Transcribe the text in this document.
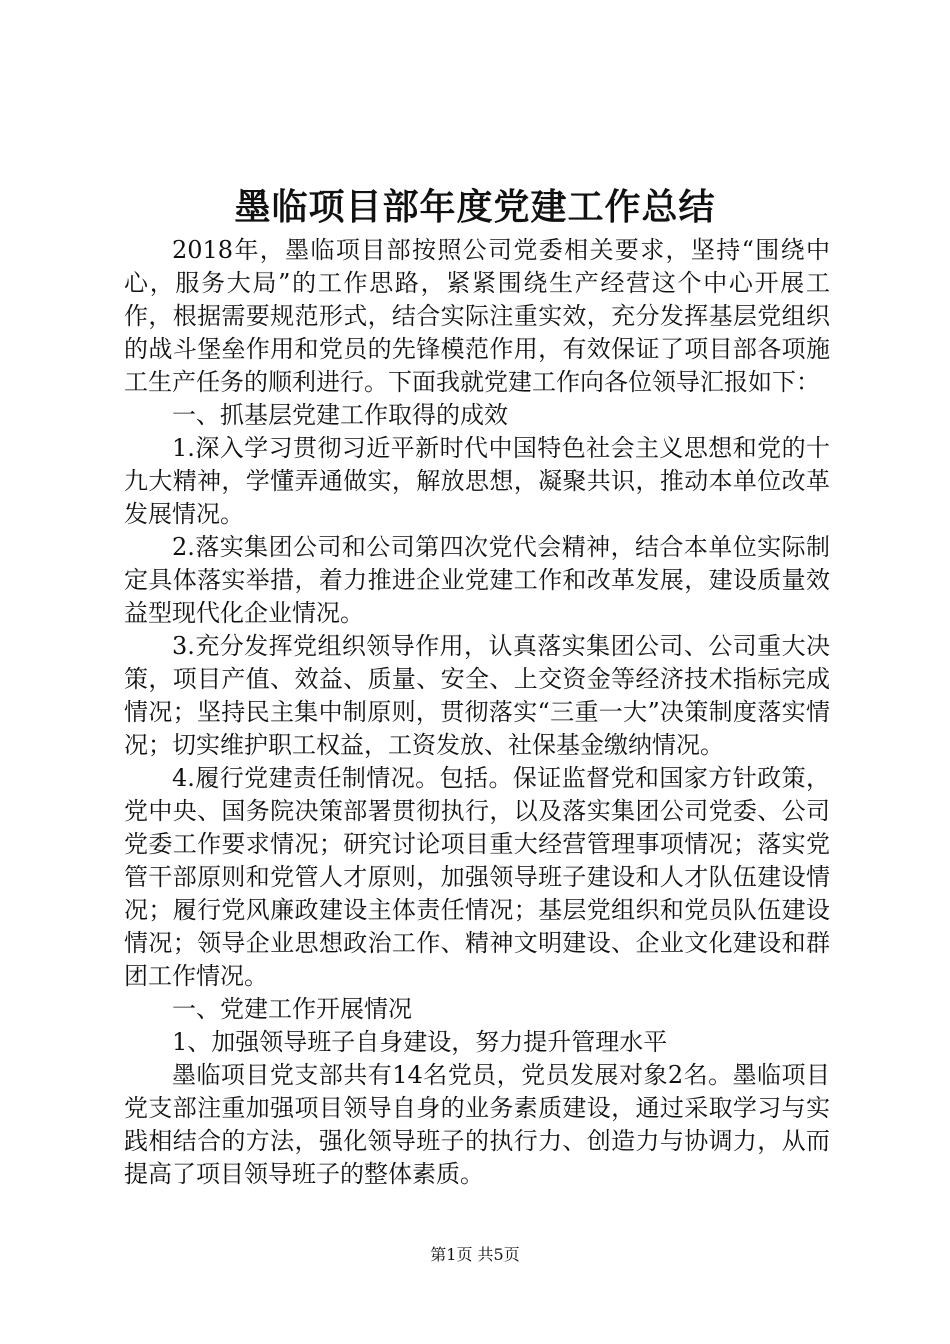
墨临项目部年度党建工作总结

2018年，墨临项目部按照公司党委相关要求，坚持“围绕中心，服务大局”的工作思路，紧紧围绕生产经营这个中心开展工作，根据需要规范形式，结合实际注重实效，充分发挥基层党组织的战斗堡垒作用和党员的先锋模范作用，有效保证了项目部各项施工生产任务的顺利进行。下面我就党建工作向各位领导汇报如下：

一、抓基层党建工作取得的成效

1.深入学习贯彻习近平新时代中国特色社会主义思想和党的十九大精神，学懂弄通做实，解放思想，凝聚共识，推动本单位改革发展情况。

2.落实集团公司和公司第四次党代会精神，结合本单位实际制定具体落实举措，着力推进企业党建工作和改革发展，建设质量效益型现代化企业情况。

3.充分发挥党组织领导作用，认真落实集团公司、公司重大决策，项目产值、效益、质量、安全、上交资金等经济技术指标完成情况；坚持民主集中制原则，贯彻落实“三重一大”决策制度落实情况；切实维护职工权益，工资发放、社保基金缴纳情况。

4.履行党建责任制情况。包括。保证监督党和国家方针政策，党中央、国务院决策部署贯彻执行，以及落实集团公司党委、公司党委工作要求情况；研究讨论项目重大经营管理事项情况；落实党管干部原则和党管人才原则，加强领导班子建设和人才队伍建设情况；履行党风廉政建设主体责任情况；基层党组织和党员队伍建设情况；领导企业思想政治工作、精神文明建设、企业文化建设和群团工作情况。

一、党建工作开展情况

1、加强领导班子自身建设，努力提升管理水平

墨临项目党支部共有14名党员，党员发展对象2名。墨临项目党支部注重加强项目领导自身的业务素质建设，通过采取学习与实践相结合的方法，强化领导班子的执行力、创造力与协调力，从而提高了项目领导班子的整体素质。

第1页 共5页
